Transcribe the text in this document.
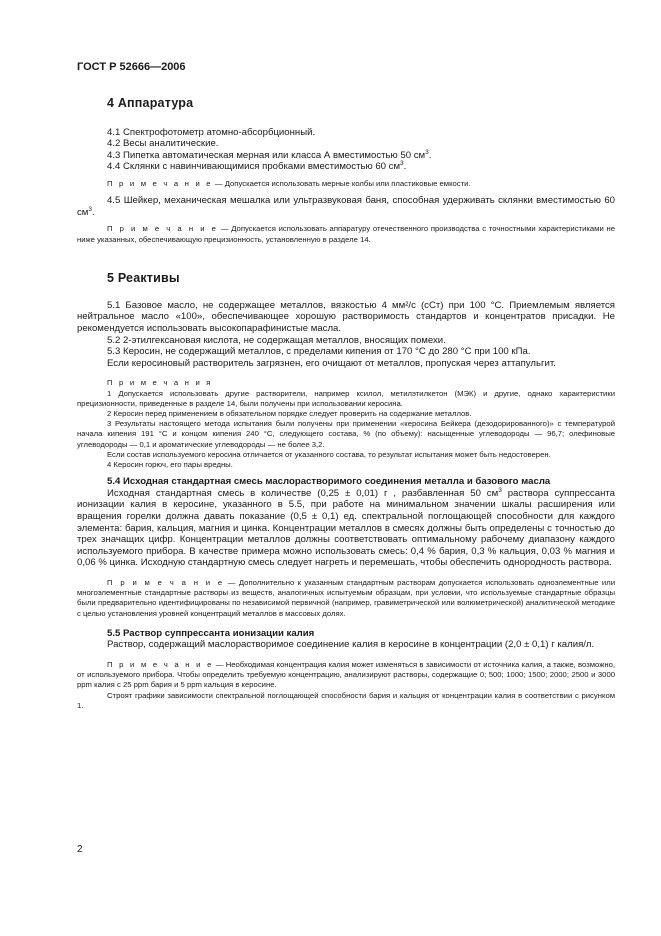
ГОСТ Р 52666—2006

4 Аппаратура

4.1 Спектрофотометр атомно-абсорбционный.

4.2 Весы аналитические.

4.3 Пипетка автоматическая мерная или класса А вместимостью 50 $см^3$.

4.4 Склянки с навинчивающимися пробками вместимостью 60 $см^3$.

П р и м е ч а н и е — Допускается использовать мерные колбы или пластиковые емкости.

4.5 Шейкер, механическая мешалка или ультразвуковая баня, способная удерживать склянки вместимостью 60 $см^3$.

П р и м е ч а н и е — Допускается использовать аппаратуру отечественного производства с точностными характеристиками не ниже указанных, обеспечивающую прецизионность, установленную в разделе 14.

5 Реактивы

5.1 Базовое масло, не содержащее металлов, вязкостью 4 мм²/с (сСт) при 100 °С. Приемлемым является нейтральное масло «100», обеспечивающее хорошую растворимость стандартов и концентратов присадки. Не рекомендуется использовать высокопарафинистые масла.

5.2 2-этилгексановая кислота, не содержащая металлов, вносящих помехи.

5.3 Керосин, не содержащий металлов, с пределами кипения от 170 °С до 280 °С при 100 кПа.

Если керосиновый растворитель загрязнен, его очищают от металлов, пропуская через аттапульгит.

П р и м е ч а н и я

1 Допускается использовать другие растворители, например ксилол, метилэтилкетон (МЭК) и другие, однако характеристики прецизионности, приведенные в разделе 14, были получены при использовании керосина.

2 Керосин перед применением в обязательном порядке следует проверить на содержание металлов.

3 Результаты настоящего метода испытания были получены при применении «керосина Бейкера (дезодорированного)» с температурой начала кипения 191 °С и концом кипения 240 °С, следующего состава, % (по объему): насыщенные углеводороды — 96,7; олефиновые углеводороды — 0,1 и ароматические углеводороды — не более 3,2.

Если состав используемого керосина отличается от указанного состава, то результат испытания может быть недостоверен.

4 Керосин горюч, его пары вредны.

5.4 Исходная стандартная смесь маслорастворимого соединения металла и базового масла

Исходная стандартная смесь в количестве (0,25 ± 0,01) г , разбавленная 50 $см^3$ раствора суппрессанта ионизации калия в керосине, указанного в 5.5, при работе на минимальном значении шкалы расширения или вращения горелки должна давать показание (0,5 ± 0,1) ед. спектральной поглощающей способности для каждого элемента: бария, кальция, магния и цинка. Концентрации металлов в смесях должны быть определены с точностью до трех значащих цифр. Концентрации металлов должны соответствовать оптимальному рабочему диапазону каждого используемого прибора. В качестве примера можно использовать смесь: 0,4 % бария, 0,3 % кальция, 0,03 % магния и 0,06 % цинка. Исходную стандартную смесь следует нагреть и перемешать, чтобы обеспечить однородность раствора.

П р и м е ч а н и е — Дополнительно к указанным стандартным растворам допускается использовать одноэлементные или многоэлементные стандартные растворы из веществ, аналогичных испытуемым образцам, при условии, что используемые стандартные образцы были предварительно идентифицированы по независимой первичной (например, гравиметрической или волюметрической) аналитической методике с целью установления уровней концентраций металлов в массовых долях.

5.5 Раствор суппрессанта ионизации калия

Раствор, содержащий маслорастворимое соединение калия в керосине в концентрации (2,0 ± 0,1) г калия/л.

П р и м е ч а н и е — Необходимая концентрация калия может изменяться в зависимости от источника калия, а также, возможно, от используемого прибора. Чтобы определить требуемую концентрацию, анализируют растворы, содержащие 0; 500; 1000; 1500; 2000; 2500 и 3000 ppm калия с 25 ppm бария и 5 ppm кальция в керосине.

Строят графики зависимости спектральной поглощающей способности бария и кальция от концентрации калия в соответствии с рисунком 1.

2
